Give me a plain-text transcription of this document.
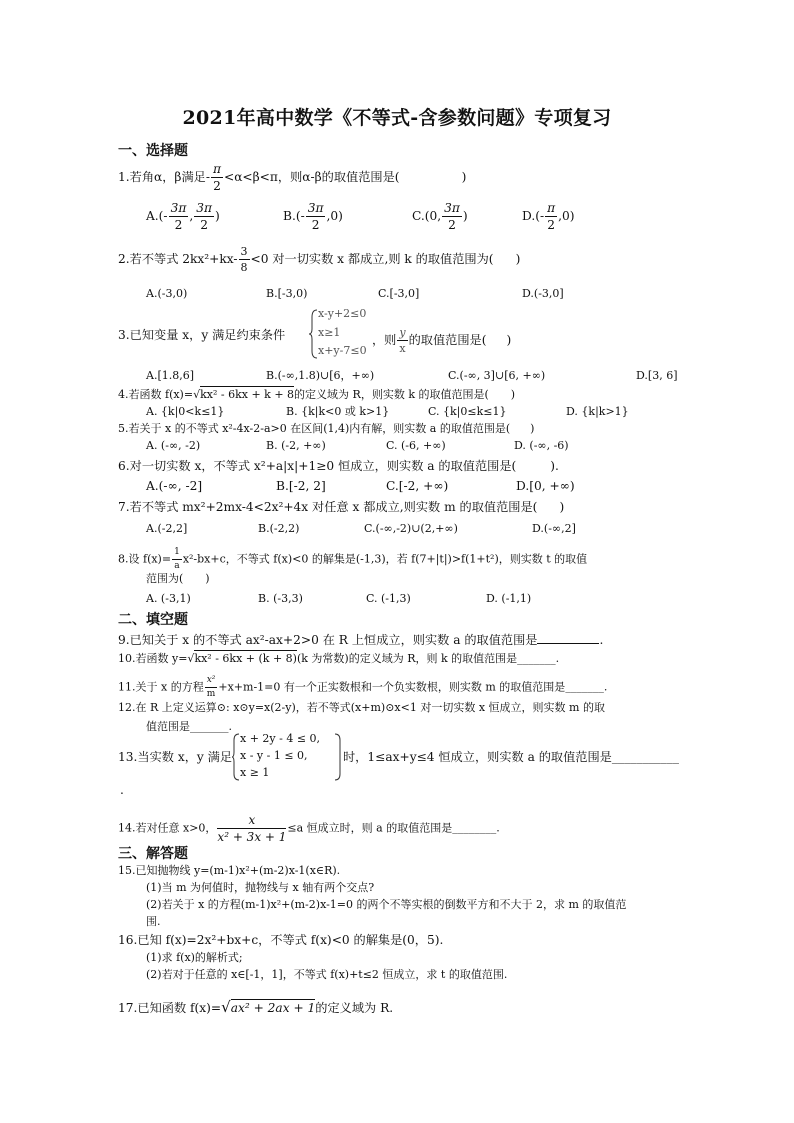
2021年高中数学《不等式-含参数问题》专项复习
一、选择题
1.若角α，β满足- $\frac{\pi}{2} <\alpha<\beta<\pi$，则α-β的取值范围是(	)
$A.(- \frac{3\pi}{2}$ , $\frac{3\pi}{2}$ )	$B.(- \frac{3\pi}{2} ,0)$	C.(0, $\frac{3\pi}{2}$ )	$D.(- \frac{\pi}{2} ,0)$
2.若不等式 $2kx^2+kx- \frac{3}{8} <0$ 对一切实数 x 都成立,则 k 的取值范围为( )
A.(-3,0)	B.[-3,0)	C.[-3,0]	D.(-3,0]
3.已知变量 x，y 满足约束条件
x-y+2≤0
x≥1
x+y-7≤0
，则 $\frac{y}{x}$ 的取值范围是( )
A.[1.8,6]	B.(-∞,1.8)∪[6，+∞)	C.(-∞, 3]∪[6, +∞)	D.[3, 6]
4.若函数 f(x)=√kx² - 6kx + k + 8的定义域为 R，则实数 k 的取值范围是( )
A. {k|0<k≤1}	B. {k|k<0 或 k>1}	C. {k|0≤k≤1}	D. {k|k>1}
5.若关于 x 的不等式 x²-4x-2-a>0 在区间(1,4)内有解，则实数 a 的取值范围是( )
A. (-∞, -2)	B. (-2, +∞)	C. (-6, +∞)	D. (-∞, -6)
6.对一切实数 x，不等式 x²+a|x|+1≥0 恒成立，则实数 a 的取值范围是(	).
A.(-∞, -2]	B.[-2, 2]	C.[-2, +∞)	D.[0, +∞)
7.若不等式 mx²+2mx-4<2x²+4x 对任意 x 都成立,则实数 m 的取值范围是( )
A.(-2,2]	B.(-2,2)	C.(-∞,-2)∪(2,+∞)	D.(-∞,2]
8.设 $f(x)= \frac{1}{a} x^2-bx+c$，不等式 f(x)<0 的解集是(-1,3)，若 f(7+|t|)>f(1+t²)，则实数 t 的取值
范围为( )
A. (-3,1)	B. (-3,3)	C. (-1,3)	D. (-1,1)
二、填空题
9.已知关于 x 的不等式 ax²-ax+2>0 在 R 上恒成立，则实数 a 的取值范围是	.
10.若函数 y=√kx² - 6kx + (k + 8)(k 为常数)的定义域为 R，则 k 的取值范围是_______.
11.关于 x 的方程 $\frac{\text{x²}}{m} +x+m-1=0$ 有一个正实数根和一个负实数根，则实数 m 的取值范围是_______.
12.在 R 上定义运算⊙: x⊙y=x(2-y)，若不等式(x+m)⊙x<1 对一切实数 x 恒成立，则实数 m 的取
值范围是_______.
13.当实数 x，y 满足
x + 2y - 4 ≤ 0,
x - y - 1 ≤ 0,
x ≥ 1
时，1≤ax+y≤4 恒成立，则实数 a 的取值范围是___________
.
14.若对任意 x>0， $\frac{x}{\text{x² + 3x + 1}} \le a$ 恒成立时，则 a 的取值范围是________.
三、解答题
15.已知抛物线 y=(m-1)x²+(m-2)x-1(x∈R).
(1)当 m 为何值时，抛物线与 x 轴有两个交点?
(2)若关于 x 的方程(m-1)x²+(m-2)x-1=0 的两个不等实根的倒数平方和不大于 2，求 m 的取值范
围.
16.已知 f(x)=2x²+bx+c，不等式 f(x)<0 的解集是(0，5).
(1)求 f(x)的解析式;
(2)若对于任意的 x∈[-1，1]，不等式 f(x)+t≤2 恒成立，求 t 的取值范围.
17.已知函数 f(x)=√ax² + 2ax + 1的定义域为 R.
